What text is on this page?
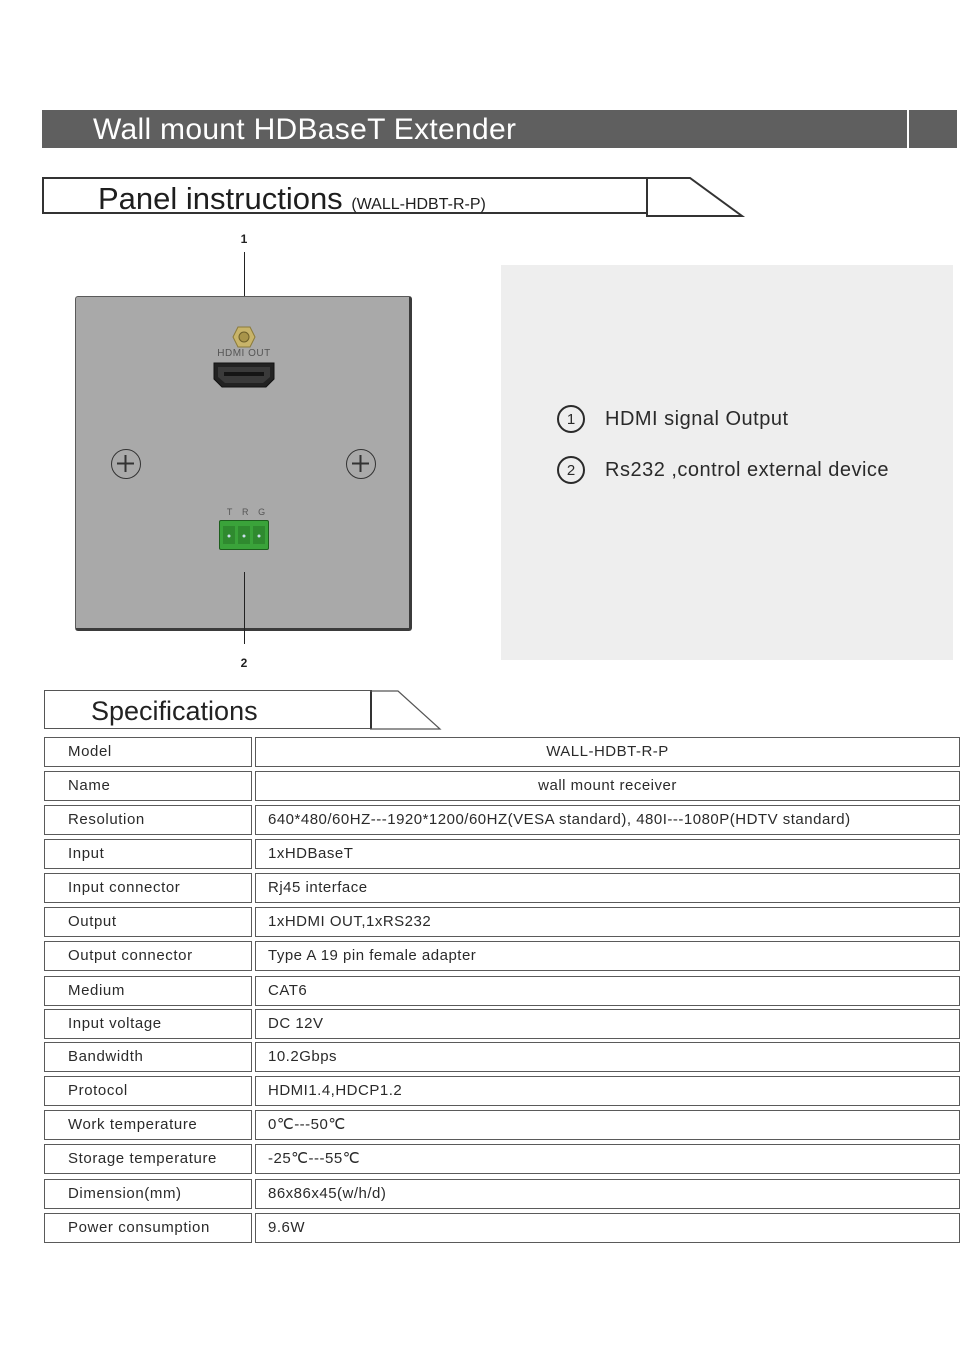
Wall mount HDBaseT Extender
Panel instructions (WALL-HDBT-R-P)
1
HDMI OUT
T R G
2
1	HDMI signal Output
2	Rs232 ,control external device
Specifications
Model	WALL-HDBT-R-P
Name	wall mount receiver
Resolution	640*480/60HZ---1920*1200/60HZ(VESA standard), 480I---1080P(HDTV standard)
Input	1xHDBaseT
Input connector	Rj45 interface
Output	1xHDMI OUT,1xRS232
Output connector	Type A 19 pin female adapter
Medium	CAT6
Input voltage	DC 12V
Bandwidth	10.2Gbps
Protocol	HDMI1.4,HDCP1.2
Work temperature	0℃---50℃
Storage temperature	-25℃---55℃
Dimension(mm)	86x86x45(w/h/d)
Power consumption	9.6W
